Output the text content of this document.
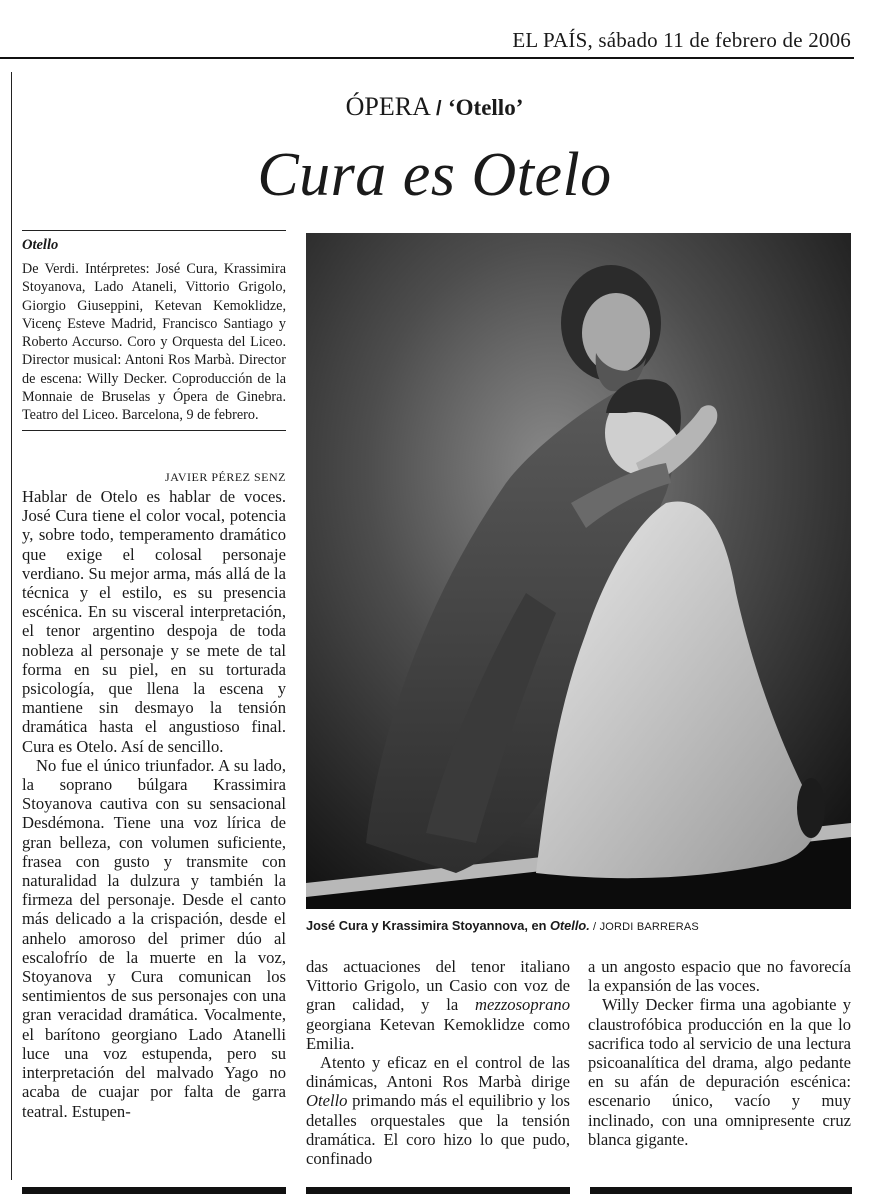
EL PAÍS, sábado 11 de febrero de 2006
ÓPERA / ‘Otello’
Cura es Otelo
Otello
De Verdi. Intérpretes: José Cura, Krassimira Stoyanova, Lado Ataneli, Vittorio Grigolo, Giorgio Giuseppini, Ketevan Kemoklidze, Vicenç Esteve Madrid, Francisco Santiago y Roberto Accurso. Coro y Orquesta del Liceo. Director musical: Antoni Ros Marbà. Director de escena: Willy Decker. Coproducción de la Monnaie de Bruselas y Ópera de Ginebra. Teatro del Liceo. Barcelona, 9 de febrero.
JAVIER PÉREZ SENZ

Hablar de Otelo es hablar de voces. José Cura tiene el color vocal, potencia y, sobre todo, temperamento dramático que exige el colosal personaje verdiano. Su mejor arma, más allá de la técnica y el estilo, es su presencia escénica. En su visceral interpretación, el tenor argentino despoja de toda nobleza al personaje y se mete de tal forma en su piel, en su torturada psicología, que llena la escena y mantiene sin desmayo la tensión dramática hasta el angustioso final. Cura es Otelo. Así de sencillo.

No fue el único triunfador. A su lado, la soprano búlgara Krassimira Stoyanova cautiva con su sensacional Desdémona. Tiene una voz lírica de gran belleza, con volumen suficiente, frasea con gusto y transmite con naturalidad la dulzura y también la firmeza del personaje. Desde el canto más delicado a la crispación, desde el anhelo amoroso del primer dúo al escalofrío de la muerte en la voz, Stoyanova y Cura comunican los sentimientos de sus personajes con una gran veracidad dramática. Vocalmente, el barítono georgiano Lado Atanelli luce una voz estupenda, pero su interpretación del malvado Yago no acaba de cuajar por falta de garra teatral. Estupen-

José Cura y Krassimira Stoyannova, en Otello. / JORDI BARRERAS

das actuaciones del tenor italiano Vittorio Grigolo, un Casio con voz de gran calidad, y la mezzosoprano georgiana Ketevan Kemoklidze como Emilia.

Atento y eficaz en el control de las dinámicas, Antoni Ros Marbà dirige Otello primando más el equilibrio y los detalles orquestales que la tensión dramática. El coro hizo lo que pudo, confinado

a un angosto espacio que no favorecía la expansión de las voces.

Willy Decker firma una agobiante y claustrofóbica producción en la que lo sacrifica todo al servicio de una lectura psicoanalítica del drama, algo pedante en su afán de depuración escénica: escenario único, vacío y muy inclinado, con una omnipresente cruz blanca gigante.
